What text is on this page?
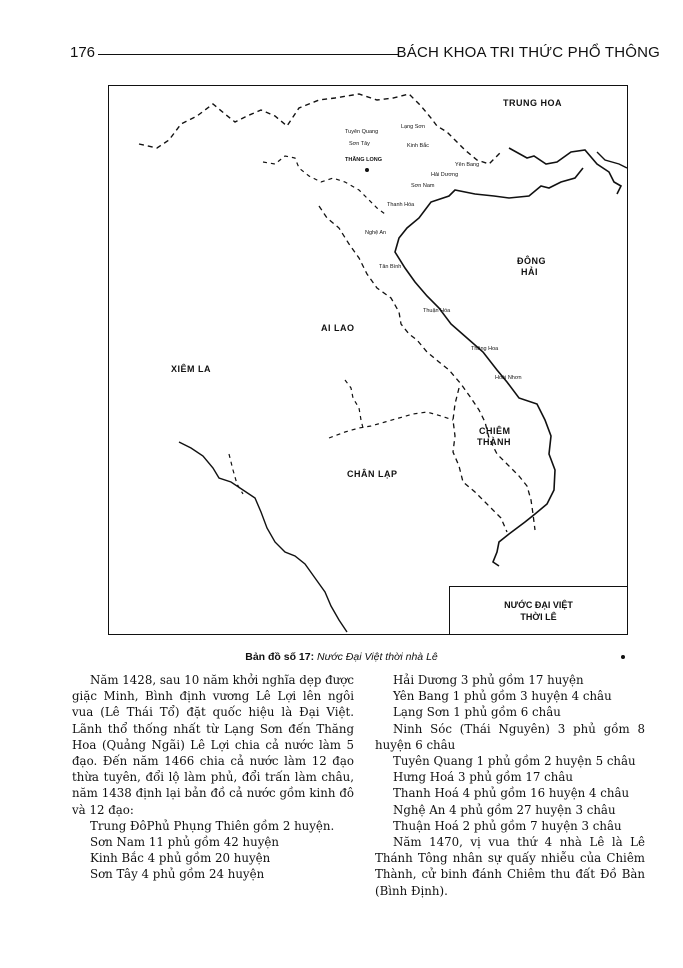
176	BÁCH KHOA TRI THỨC PHỔ THÔNG
TRUNG HOA
ĐÔNG
HẢI
AI LAO
XIÊM LA
CHIÊM
THÀNH
CHÂN LẠP
Lạng Sơn
Tuyên Quang
Sơn Tây	Kinh Bắc
THĂNG LONG
Yên Bang
Hải Dương
Sơn Nam
Thanh Hóa
Nghệ An
Tân Bình
Thuận Hóa
Thăng Hoa
Hoài Nhơn
NƯỚC ĐẠI VIỆT
THỜI LÊ
Bản đồ số 17: Nước Đại Việt thời nhà Lê

Năm 1428, sau 10 năm khởi nghĩa dẹp được giặc Minh, Bình định vương Lê Lợi lên ngôi vua (Lê Thái Tổ) đặt quốc hiệu là Đại Việt. Lãnh thổ thống nhất từ Lạng Sơn đến Thăng Hoa (Quảng Ngãi) Lê Lợi chia cả nước làm 5 đạo. Đến năm 1466 chia cả nước làm 12 đạo thừa tuyên, đổi lộ làm phủ, đổi trấn làm châu, năm 1438 định lại bản đồ cả nước gồm kinh đô và 12 đạo:

Trung ĐôPhủ Phụng Thiên gồm 2 huyện.

Sơn Nam 11 phủ gồm 42 huyện

Kinh Bắc 4 phủ gồm 20 huyện

Sơn Tây 4 phủ gồm 24 huyện

Hải Dương 3 phủ gồm 17 huyện

Yên Bang 1 phủ gồm 3 huyện 4 châu

Lạng Sơn 1 phủ gồm 6 châu

Ninh Sóc (Thái Nguyên) 3 phủ gồm 8 huyện 6 châu

Tuyên Quang 1 phủ gồm 2 huyện 5 châu

Hưng Hoá 3 phủ gồm 17 châu

Thanh Hoá 4 phủ gồm 16 huyện 4 châu

Nghệ An 4 phủ gồm 27 huyện 3 châu

Thuận Hoá 2 phủ gồm 7 huyện 3 châu

Năm 1470, vị vua thứ 4 nhà Lê là Lê Thánh Tông nhân sự quấy nhiễu của Chiêm Thành, cử binh đánh Chiêm thu đất Đồ Bàn (Bình Định).
